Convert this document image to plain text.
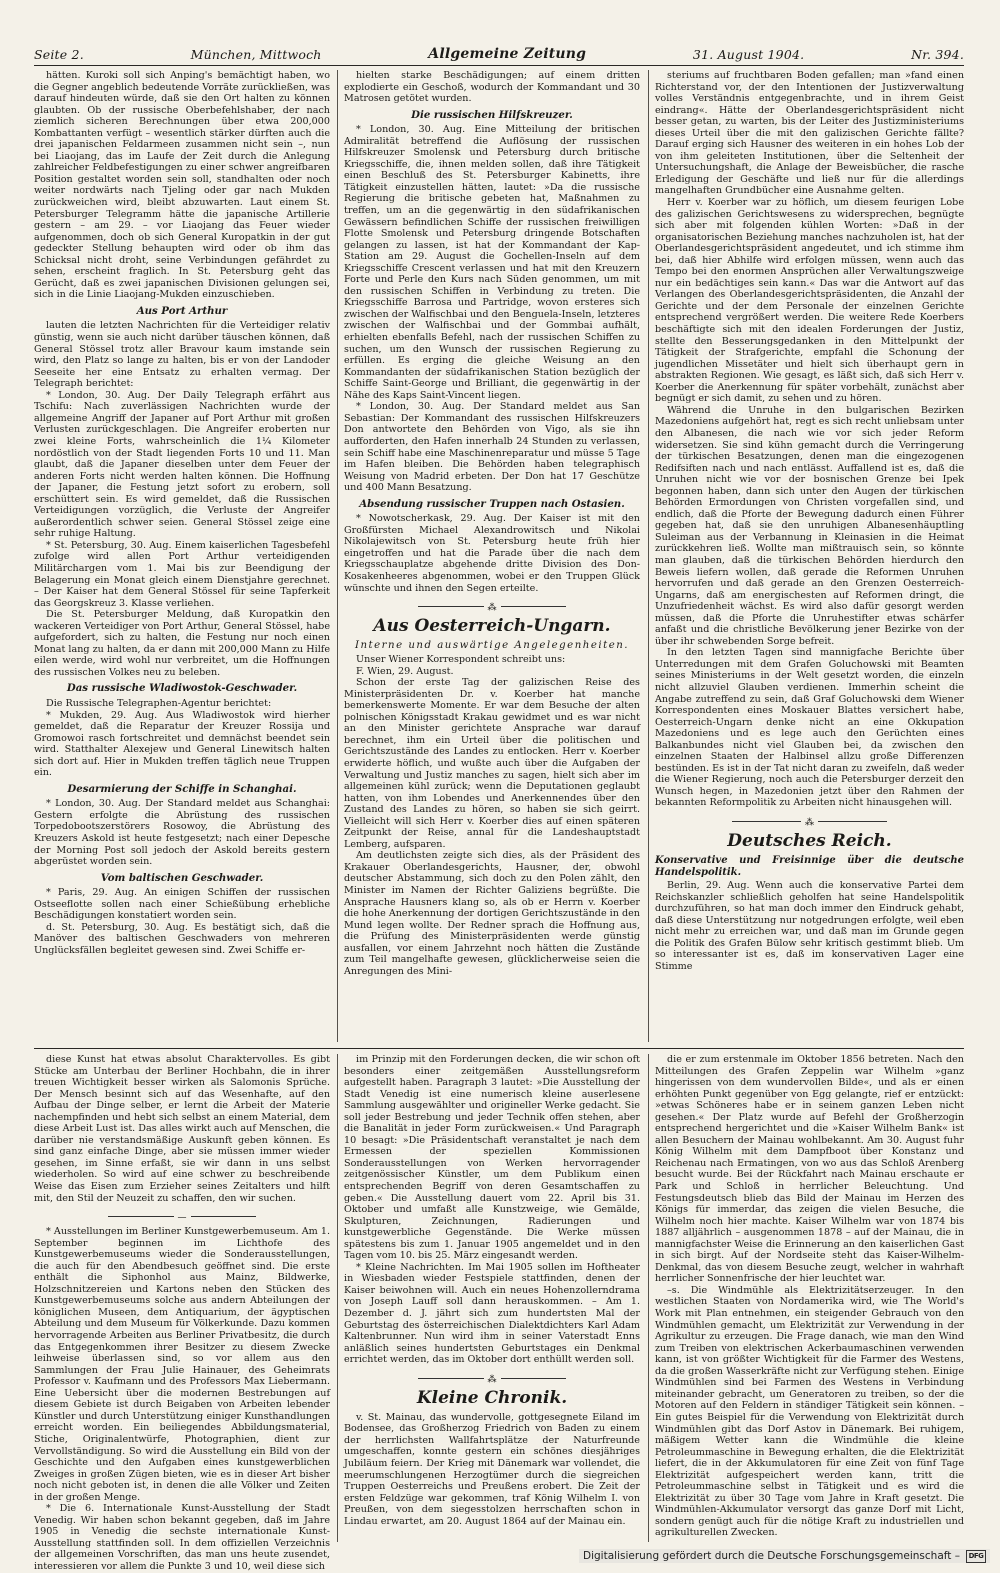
Seite 2.	München, Mittwoch	Allgemeine Zeitung	31. August 1904.	Nr. 394.

hätten. Kuroki soll sich Anping's bemächtigt haben, wo die Gegner angeblich bedeutende Vorräte zurückließen, was darauf hindeuten würde, daß sie den Ort halten zu können glaubten. Ob der russische Oberbefehlshaber, der nach ziemlich sicheren Berechnungen über etwa 200,000 Kombattanten verfügt – wesentlich stärker dürften auch die drei japanischen Feldarmeen zusammen nicht sein –, nun bei Liaojang, das im Laufe der Zeit durch die Anlegung zahlreicher Feldbefestigungen zu einer schwer angreifbaren Position gestaltet worden sein soll, standhalten oder noch weiter nordwärts nach Tjeling oder gar nach Mukden zurückweichen wird, bleibt abzuwarten. Laut einem St. Petersburger Telegramm hätte die japanische Artillerie gestern – am 29. – vor Liaojang das Feuer wieder aufgenommen, doch ob sich General Kuropatkin in der gut gedeckter Stellung behaupten wird oder ob ihm das Schicksal nicht droht, seine Verbindungen gefährdet zu sehen, erscheint fraglich. In St. Petersburg geht das Gerücht, daß es zwei japanischen Divisionen gelungen sei, sich in die Linie Liaojang-Mukden einzuschieben.

Aus Port Arthur

lauten die letzten Nachrichten für die Verteidiger relativ günstig, wenn sie auch nicht darüber täuschen können, daß General Stössel trotz aller Bravour kaum imstande sein wird, den Platz so lange zu halten, bis er von der Landoder Seeseite her eine Entsatz zu erhalten vermag. Der Telegraph berichtet:

* London, 30. Aug. Der Daily Telegraph erfährt aus Tschifu: Nach zuverlässigen Nachrichten wurde der allgemeine Angriff der Japaner auf Port Arthur mit großen Verlusten zurückgeschlagen. Die Angreifer eroberten nur zwei kleine Forts, wahrscheinlich die 1¼ Kilometer nordöstlich von der Stadt liegenden Forts 10 und 11. Man glaubt, daß die Japaner dieselben unter dem Feuer der anderen Forts nicht werden halten können. Die Hoffnung der Japaner, die Festung jetzt sofort zu erobern, soll erschüttert sein. Es wird gemeldet, daß die Russischen Verteidigungen vorzüglich, die Verluste der Angreifer außerordentlich schwer seien. General Stössel zeige eine sehr ruhige Haltung.

* St. Petersburg, 30. Aug. Einem kaiserlichen Tagesbefehl zufolge wird allen Port Arthur verteidigenden Militärchargen vom 1. Mai bis zur Beendigung der Belagerung ein Monat gleich einem Dienstjahre gerechnet. – Der Kaiser hat dem General Stössel für seine Tapferkeit das Georgskreuz 3. Klasse verliehen.

Die St. Petersburger Meldung, daß Kuropatkin den wackeren Verteidiger von Port Arthur, General Stössel, habe aufgefordert, sich zu halten, die Festung nur noch einen Monat lang zu halten, da er dann mit 200,000 Mann zu Hilfe eilen werde, wird wohl nur verbreitet, um die Hoffnungen des russischen Volkes neu zu beleben.

Das russische Wladiwostok-Geschwader.

Die Russische Telegraphen-Agentur berichtet:

* Mukden, 29. Aug. Aus Wladiwostok wird hierher gemeldet, daß die Reparatur der Kreuzer Rossija und Gromowoi rasch fortschreitet und demnächst beendet sein wird. Statthalter Alexejew und General Linewitsch halten sich dort auf. Hier in Mukden treffen täglich neue Truppen ein.

Desarmierung der Schiffe in Schanghai.

* London, 30. Aug. Der Standard meldet aus Schanghai: Gestern erfolgte die Abrüstung des russischen Torpedobootszerstörers Rosowoy, die Abrüstung des Kreuzers Askold ist heute festgesetzt; nach einer Depesche der Morning Post soll jedoch der Askold bereits gestern abgerüstet worden sein.

Vom baltischen Geschwader.

* Paris, 29. Aug. An einigen Schiffen der russischen Ostseeflotte sollen nach einer Schießübung erhebliche Beschädigungen konstatiert worden sein.

d. St. Petersburg, 30. Aug. Es bestätigt sich, daß die Manöver des baltischen Geschwaders von mehreren Unglücksfällen begleitet gewesen sind. Zwei Schiffe er-

hielten starke Beschädigungen; auf einem dritten explodierte ein Geschoß, wodurch der Kommandant und 30 Matrosen getötet wurden.

Die russischen Hilfskreuzer.

* London, 30. Aug. Eine Mitteilung der britischen Admiralität betreffend die Auflösung der russischen Hilfskreuzer Smolensk und Petersburg durch britische Kriegsschiffe, die, ihnen melden sollen, daß ihre Tätigkeit einen Beschluß des St. Petersburger Kabinetts, ihre Tätigkeit einzustellen hätten, lautet: »Da die russische Regierung die britische gebeten hat, Maßnahmen zu treffen, um an die gegenwärtig in den südafrikanischen Gewässern befindlichen Schiffe der russischen freiwilligen Flotte Smolensk und Petersburg dringende Botschaften gelangen zu lassen, ist hat der Kommandant der Kap-Station am 29. August die Gochellen-Inseln auf dem Kriegsschiffe Crescent verlassen und hat mit den Kreuzern Forte und Perle den Kurs nach Süden genommen, um mit den russischen Schiffen in Verbindung zu treten. Die Kriegsschiffe Barrosa und Partridge, wovon ersteres sich zwischen der Walfischbai und den Benguela-Inseln, letzteres zwischen der Walfischbai und der Gommbai aufhält, erhielten ebenfalls Befehl, nach der russischen Schiffen zu suchen, um den Wunsch der russischen Regierung zu erfüllen. Es erging die gleiche Weisung an den Kommandanten der südafrikanischen Station bezüglich der Schiffe Saint-George und Brilliant, die gegenwärtig in der Nähe des Kaps Saint-Vincent liegen.

* London, 30. Aug. Der Standard meldet aus San Sebastian: Der Kommandant des russischen Hilfskreuzers Don antwortete den Behörden von Vigo, als sie ihn aufforderten, den Hafen innerhalb 24 Stunden zu verlassen, sein Schiff habe eine Maschinenreparatur und müsse 5 Tage im Hafen bleiben. Die Behörden haben telegraphisch Weisung von Madrid erbeten. Der Don hat 17 Geschütze und 400 Mann Besatzung.

Absendung russischer Truppen nach Ostasien.

* Nowotscherkask, 29. Aug. Der Kaiser ist mit den Großfürsten Michael Alexandrowitsch und Nikolai Nikolajewitsch von St. Petersburg heute früh hier eingetroffen und hat die Parade über die nach dem Kriegsschauplatze abgehende dritte Division des Don-Kosakenheeres abgenommen, wobei er den Truppen Glück wünschte und ihnen den Segen erteilte.

⁂
Aus Oesterreich-Ungarn.
Interne und auswärtige Angelegenheiten.

Unser Wiener Korrespondent schreibt uns:

F. Wien, 29. August.

Schon der erste Tag der galizischen Reise des Ministerpräsidenten Dr. v. Koerber hat manche bemerkenswerte Momente. Er war dem Besuche der alten polnischen Königsstadt Krakau gewidmet und es war nicht an den Minister gerichtete Ansprache war darauf berechnet, ihm ein Urteil über die politischen und Gerichtszustände des Landes zu entlocken. Herr v. Koerber erwiderte höflich, und wußte auch über die Aufgaben der Verwaltung und Justiz manches zu sagen, hielt sich aber im allgemeinen kühl zurück; wenn die Deputationen geglaubt hatten, von ihm Lobendes und Anerkennendes über den Zustand des Landes zu hören, so haben sie sich geirrt. Vielleicht will sich Herr v. Koerber dies auf einen späteren Zeitpunkt der Reise, annal für die Landeshauptstadt Lemberg, aufsparen.

Am deutlichsten zeigte sich dies, als der Präsident des Krakauer Oberlandesgerichts, Hausner, der, obwohl deutscher Abstammung, sich doch zu den Polen zählt, den Minister im Namen der Richter Galiziens begrüßte. Die Ansprache Hausners klang so, als ob er Herrn v. Koerber die hohe Anerkennung der dortigen Gerichtszustände in den Mund legen wollte. Der Redner sprach die Hoffnung aus, die Prüfung des Ministerpräsidenten werde günstig ausfallen, vor einem Jahrzehnt noch hätten die Zustände zum Teil mangelhafte gewesen, glücklicherweise seien die Anregungen des Mini-

steriums auf fruchtbaren Boden gefallen; man »fand einen Richterstand vor, der den Intentionen der Justizverwaltung volles Verständnis entgegenbrachte, und in ihrem Geist eindrang«. Hätte der Oberlandesgerichtspräsident nicht besser getan, zu warten, bis der Leiter des Justizministeriums dieses Urteil über die mit den galizischen Gerichte fällte? Darauf erging sich Hausner des weiteren in ein hohes Lob der von ihm geleiteten Institutionen, über die Seltenheit der Untersuchungshaft, die Anlage der Beweisbücher, die rasche Erledigung der Geschäfte und ließ nur für die allerdings mangelhaften Grundbücher eine Ausnahme gelten.

Herr v. Koerber war zu höflich, um diesem feurigen Lobe des galizischen Gerichtswesens zu widersprechen, begnügte sich aber mit folgenden kühlen Worten: »Daß in der organisatorischen Beziehung manches nachzuholen ist, hat der Oberlandesgerichtspräsident angedeutet, und ich stimme ihm bei, daß hier Abhilfe wird erfolgen müssen, wenn auch das Tempo bei den enormen Ansprüchen aller Verwaltungszweige nur ein bedächtiges sein kann.« Das war die Antwort auf das Verlangen des Oberlandesgerichtspräsidenten, die Anzahl der Gerichte und der dem Personale der einzelnen Gerichte entsprechend vergrößert werden. Die weitere Rede Koerbers beschäftigte sich mit den idealen Forderungen der Justiz, stellte den Besserungsgedanken in den Mittelpunkt der Tätigkeit der Strafgerichte, empfahl die Schonung der jugendlichen Missetäter und hielt sich überhaupt gern in abstrakten Regionen. Wie gesagt, es läßt sich, daß sich Herr v. Koerber die Anerkennung für später vorbehält, zunächst aber begnügt er sich damit, zu sehen und zu hören.

Während die Unruhe in den bulgarischen Bezirken Mazedoniens aufgehört hat, regt es sich recht unliebsam unter den Albanesen, die nach wie vor sich jeder Reform widersetzen. Sie sind kühn gemacht durch die Verringerung der türkischen Besatzungen, denen man die eingezogenen Redifsiften nach und nach entlässt. Auffallend ist es, daß die Unruhen nicht wie vor der bosnischen Grenze bei Ipek begonnen haben, dann sich unter den Augen der türkischen Behörden Ermordungen von Christen vorgefallen sind, und endlich, daß die Pforte der Bewegung dadurch einen Führer gegeben hat, daß sie den unruhigen Albanesenhäuptling Suleiman aus der Verbannung in Kleinasien in die Heimat zurückkehren ließ. Wollte man mißtrauisch sein, so könnte man glauben, daß die türkischen Behörden hierdurch den Beweis liefern wollen, daß gerade die Reformen Unruhen hervorrufen und daß gerade an den Grenzen Oesterreich-Ungarns, daß am energischesten auf Reformen dringt, die Unzufriedenheit wächst. Es wird also dafür gesorgt werden müssen, daß die Pforte die Unruhestifter etwas schärfer anfaßt und die christliche Bevölkerung jener Bezirke von der über ihr schwebenden Sorge befreit.

In den letzten Tagen sind mannigfache Berichte über Unterredungen mit dem Grafen Goluchowski mit Beamten seines Ministeriums in der Welt gesetzt worden, die einzeln nicht allzuviel Glauben verdienen. Immerhin scheint die Angabe zutreffend zu sein, daß Graf Goluchowski dem Wiener Korrespondenten eines Moskauer Blattes versichert habe, Oesterreich-Ungarn denke nicht an eine Okkupation Mazedoniens und es lege auch den Gerüchten eines Balkanbundes nicht viel Glauben bei, da zwischen den einzelnen Staaten der Halbinsel allzu große Differenzen bestünden. Es ist in der Tat nicht daran zu zweifeln, daß weder die Wiener Regierung, noch auch die Petersburger derzeit den Wunsch hegen, in Mazedonien jetzt über den Rahmen der bekannten Reformpolitik zu Arbeiten nicht hinausgehen will.

⁂
Deutsches Reich.
Konservative und Freisinnige über die deutsche Handelspolitik.

Berlin, 29. Aug. Wenn auch die konservative Partei dem Reichskanzler schließlich geholfen hat seine Handelspolitik durchzuführen, so hat man doch immer den Eindruck gehabt, daß diese Unterstützung nur notgedrungen erfolgte, weil eben nicht mehr zu erreichen war, und daß man im Grunde gegen die Politik des Grafen Bülow sehr kritisch gestimmt blieb. Um so interessanter ist es, daß im konservativen Lager eine Stimme

diese Kunst hat etwas absolut Charaktervolles. Es gibt Stücke am Unterbau der Berliner Hochbahn, die in ihrer treuen Wichtigkeit besser wirken als Salomonis Sprüche. Der Mensch besinnt sich auf das Wesenhafte, auf den Aufbau der Dinge selber, er lernt die Arbeit der Materie nachempfinden und hebt sich selbst an einem Material, dem diese Arbeit Lust ist. Das alles wirkt auch auf Menschen, die darüber nie verstandsmäßige Auskunft geben können. Es sind ganz einfache Dinge, aber sie müssen immer wieder gesehen, im Sinne erfaßt, sie wir dann in uns selbst wiederholen. So wird auf eine schwer zu beschreibende Weise das Eisen zum Erzieher seines Zeitalters und hilft mit, den Stil der Neuzeit zu schaffen, den wir suchen.

—

* Ausstellungen im Berliner Kunstgewerbemuseum. Am 1. September beginnen im Lichthofe des Kunstgewerbemuseums wieder die Sonderausstellungen, die auch für den Abendbesuch geöffnet sind. Die erste enthält die Siphonhol aus Mainz, Bildwerke, Holzschnitzereien und Kartons neben den Stücken des Kunstgewerbemuseums solche aus andern Abteilungen der königlichen Museen, dem Antiquarium, der ägyptischen Abteilung und dem Museum für Völkerkunde. Dazu kommen hervorragende Arbeiten aus Berliner Privatbesitz, die durch das Entgegenkommen ihrer Besitzer zu diesem Zwecke leihweise überlassen sind, so vor allem aus den Sammlungen der Frau Julie Hainauer, des Geheimrats Professor v. Kaufmann und des Professors Max Liebermann. Eine Uebersicht über die modernen Bestrebungen auf diesem Gebiete ist durch Beigaben von Arbeiten lebender Künstler und durch Unterstützung einiger Kunsthandlungen erreicht worden. Ein beiliegendes Abbildungsmaterial, Stiche, Originalentwürfe, Photographien, dient zur Vervollständigung. So wird die Ausstellung ein Bild von der Geschichte und den Aufgaben eines kunstgewerblichen Zweiges in großen Zügen bieten, wie es in dieser Art bisher noch nicht geboten ist, in denen die alle Völker und Zeiten in der großen Menge.

* Die 6. Internationale Kunst-Ausstellung der Stadt Venedig. Wir haben schon bekannt gegeben, daß im Jahre 1905 in Venedig die sechste internationale Kunst-Ausstellung stattfinden soll. In dem offiziellen Verzeichnis der allgemeinen Vorschriften, das man uns heute zusendet, interessieren vor allem die Punkte 3 und 10, weil diese sich

im Prinzip mit den Forderungen decken, die wir schon oft besonders einer zeitgemäßen Ausstellungsreform aufgestellt haben. Paragraph 3 lautet: »Die Ausstellung der Stadt Venedig ist eine numerisch kleine auserlesene Sammlung ausgewählter und origineller Werke gedacht. Sie soll jeder Bestrebung und jeder Technik offen stehen, aber die Banalität in jeder Form zurückweisen.« Und Paragraph 10 besagt: »Die Präsidentschaft veranstaltet je nach dem Ermessen der speziellen Kommissionen Sonderausstellungen von Werken hervorragender zeitgenössischer Künstler, um dem Publikum einen entsprechenden Begriff von deren Gesamtschaffen zu geben.« Die Ausstellung dauert vom 22. April bis 31. Oktober und umfaßt alle Kunstzweige, wie Gemälde, Skulpturen, Zeichnungen, Radierungen und kunstgewerbliche Gegenstände. Die Werke müssen spätestens bis zum 1. Januar 1905 angemeldet und in den Tagen vom 10. bis 25. März eingesandt werden.

* Kleine Nachrichten. Im Mai 1905 sollen im Hoftheater in Wiesbaden wieder Festspiele stattfinden, denen der Kaiser beiwohnen will. Auch ein neues Hohenzollerndrama von Joseph Lauff soll dann herauskommen. – Am 1. Dezember d. J. jährt sich zum hundertsten Mal der Geburtstag des österreichischen Dialektdichters Karl Adam Kaltenbrunner. Nun wird ihm in seiner Vaterstadt Enns anläßlich seines hundertsten Geburtstages ein Denkmal errichtet werden, das im Oktober dort enthüllt werden soll.

⁂
Kleine Chronik.

v. St. Mainau, das wundervolle, gottgesegnete Eiland im Bodensee, das Großherzog Friedrich von Baden zu einem der herrlichsten Wallfahrtsplätze der Naturfreunde umgeschaffen, konnte gestern ein schönes diesjähriges Jubiläum feiern. Der Krieg mit Dänemark war vollendet, die meerumschlungenen Herzogtümer durch die siegreichen Truppen Oesterreichs und Preußens erobert. Die Zeit der ersten Feldzüge war gekommen, traf König Wilhelm I. von Preußen, von dem siegesstolzen herrschaften schon in Lindau erwartet, am 20. August 1864 auf der Mainau ein.

die er zum erstenmale im Oktober 1856 betreten. Nach den Mitteilungen des Grafen Zeppelin war Wilhelm »ganz hingerissen von dem wundervollen Bilde«, und als er einen erhöhten Punkt gegenüber von Egg gelangte, rief er entzückt: »etwas Schöneres habe er in seinem ganzen Leben nicht gesehen.« Der Platz wurde auf Befehl der Großherzogin entsprechend hergerichtet und die »Kaiser Wilhelm Bank« ist allen Besuchern der Mainau wohlbekannt. Am 30. August fuhr König Wilhelm mit dem Dampfboot über Konstanz und Reichenau nach Ermatingen, von wo aus das Schloß Arenberg besucht wurde. Bei der Rückfahrt nach Mainau erschaute er Park und Schloß in herrlicher Beleuchtung. Und Festungsdeutsch blieb das Bild der Mainau im Herzen des Königs für immerdar, das zeigen die vielen Besuche, die Wilhelm noch hier machte. Kaiser Wilhelm war von 1874 bis 1887 alljährlich – ausgenommen 1878 – auf der Mainau, die in mannigfachster Weise die Erinnerung an den kaiserlichen Gast in sich birgt. Auf der Nordseite steht das Kaiser-Wilhelm-Denkmal, das von diesem Besuche zeugt, welcher in wahrhaft herrlicher Sonnenfrische der hier leuchtet war.

–s. Die Windmühle als Elektrizitätserzeuger. In den westlichen Staaten von Nordamerika wird, wie The World's Work mit Plan entnehmen, ein steigender Gebrauch von den Windmühlen gemacht, um Elektrizität zur Verwendung in der Agrikultur zu erzeugen. Die Frage danach, wie man den Wind zum Treiben von elektrischen Ackerbaumaschinen verwenden kann, ist von größter Wichtigkeit für die Farmer des Westens, da die großen Wasserkräfte nicht zur Verfügung stehen. Einige Windmühlen sind bei Farmen des Westens in Verbindung miteinander gebracht, um Generatoren zu treiben, so der die Motoren auf den Feldern in ständiger Tätigkeit sein können. – Ein gutes Beispiel für die Verwendung von Elektrizität durch Windmühlen gibt das Dorf Astov in Dänemark. Bei ruhigem, mäßigem Wetter kann die Windmühle die kleine Petroleummaschine in Bewegung erhalten, die die Elektrizität liefert, die in der Akkumulatoren für eine Zeit von fünf Tage Elektrizität aufgespeichert werden kann, tritt die Petroleummaschine selbst in Tätigkeit und es wird die Elektrizität zu über 30 Tage vom Jahre in Kraft gesetzt. Die Windmühlen-Akkumulator versorgt das ganze Dorf mit Licht, sondern genügt auch für die nötige Kraft zu industriellen und agrikulturellen Zwecken.

Digitalisierung gefördert durch die Deutsche Forschungsgemeinschaft –	DFG
